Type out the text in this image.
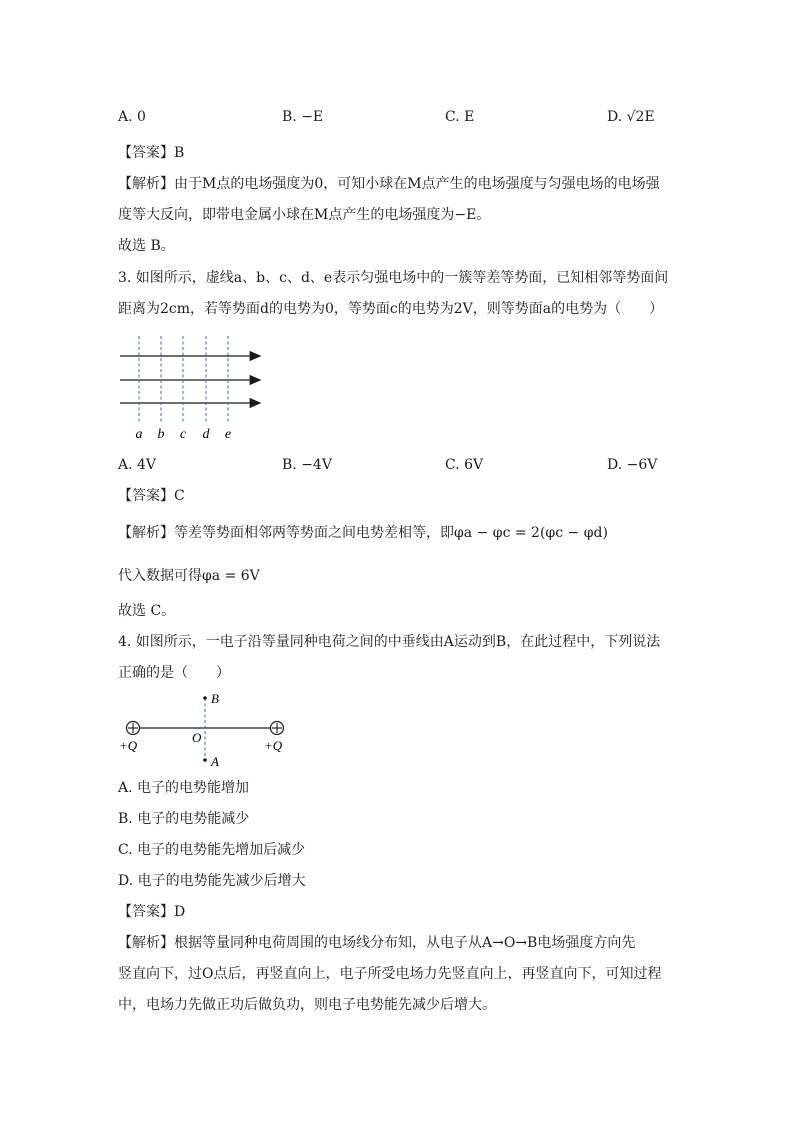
A. 0	B. −E	C. E	D. √2E
【答案】B
【解析】由于M点的电场强度为0，可知小球在M点产生的电场强度与匀强电场的电场强
度等大反向，即带电金属小球在M点产生的电场强度为−E。
故选 B。
3. 如图所示，虚线a、b、c、d、e表示匀强电场中的一簇等差等势面，已知相邻等势面间
距离为2cm，若等势面d的电势为0，等势面c的电势为2V，则等势面a的电势为（　　）
a b c d e
A. 4V	B. −4V	C. 6V	D. −6V
【答案】C
【解析】等差等势面相邻两等势面之间电势差相等，即φa − φc = 2(φc − φd)
代入数据可得φa = 6V
故选 C。
4. 如图所示，一电子沿等量同种电荷之间的中垂线由A运动到B，在此过程中，下列说法
正确的是（　　）
B
A
O
+Q	+Q
A. 电子的电势能增加
B. 电子的电势能减少
C. 电子的电势能先增加后减少
D. 电子的电势能先减少后增大
【答案】D
【解析】根据等量同种电荷周围的电场线分布知，从电子从A→O→B电场强度方向先
竖直向下，过O点后，再竖直向上，电子所受电场力先竖直向上，再竖直向下，可知过程
中，电场力先做正功后做负功，则电子电势能先减少后增大。
